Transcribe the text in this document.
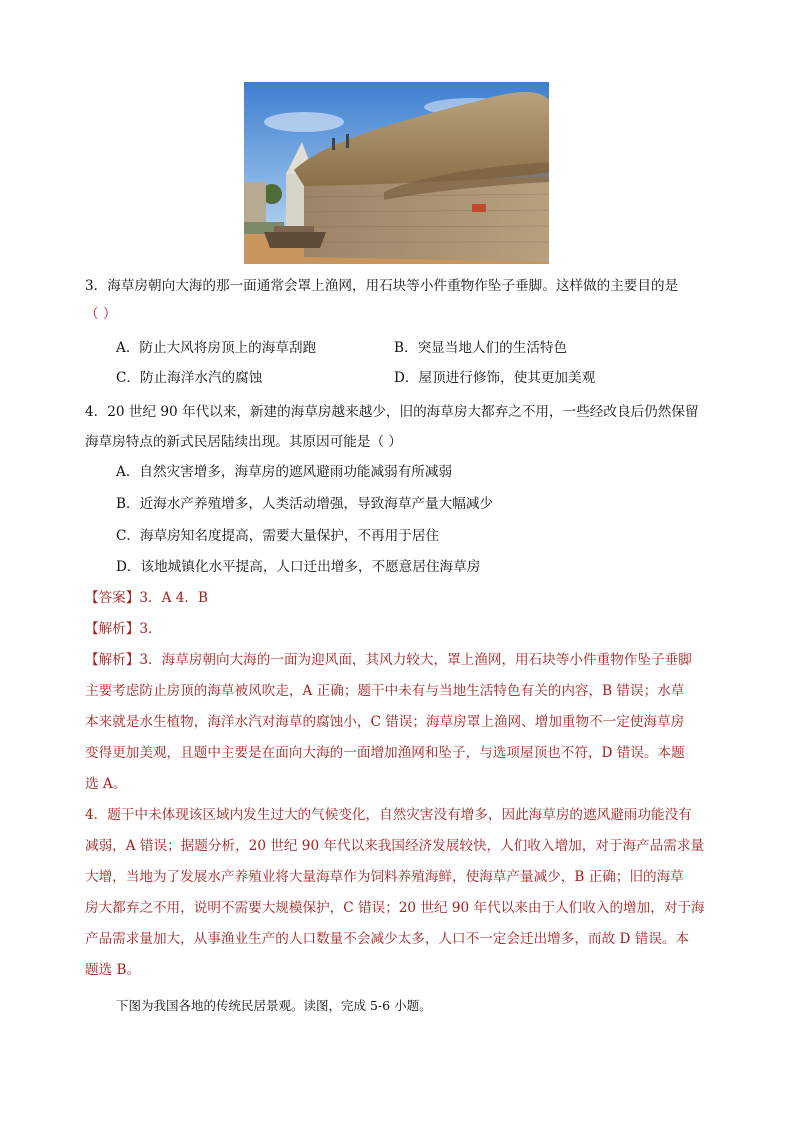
3．海草房朝向大海的那一面通常会罩上渔网，用石块等小件重物作坠子垂脚。这样做的主要目的是
（ ）
A．防止大风将房顶上的海草刮跑	B．突显当地人们的生活特色
C．防止海洋水汽的腐蚀	D．屋顶进行修饰，使其更加美观
4．20 世纪 90 年代以来，新建的海草房越来越少，旧的海草房大都弃之不用，一些经改良后仍然保留
海草房特点的新式民居陆续出现。其原因可能是（ ）
A．自然灾害增多，海草房的遮风避雨功能减弱有所减弱
B．近海水产养殖增多，人类活动增强，导致海草产量大幅减少
C．海草房知名度提高，需要大量保护，不再用于居住
D．该地城镇化水平提高，人口迁出增多，不愿意居住海草房
【答案】3．A 4．B
【解析】3．
【解析】3．海草房朝向大海的一面为迎风面，其风力较大，罩上渔网，用石块等小件重物作坠子垂脚
主要考虑防止房顶的海草被风吹走，A 正确；题干中未有与当地生活特色有关的内容，B 错误；水草
本来就是水生植物，海洋水汽对海草的腐蚀小，C 错误；海草房罩上渔网、增加重物不一定使海草房
变得更加美观，且题中主要是在面向大海的一面增加渔网和坠子，与选项屋顶也不符，D 错误。本题
选 A。
4．题干中未体现该区域内发生过大的气候变化，自然灾害没有增多，因此海草房的遮风避雨功能没有
减弱，A 错误；据题分析，20 世纪 90 年代以来我国经济发展较快，人们收入增加，对于海产品需求量
大增，当地为了发展水产养殖业将大量海草作为饲料养殖海鲜，使海草产量减少，B 正确；旧的海草
房大都弃之不用，说明不需要大规模保护，C 错误；20 世纪 90 年代以来由于人们收入的增加，对于海
产品需求量加大，从事渔业生产的人口数量不会减少太多，人口不一定会迁出增多，而故 D 错误。本
题选 B。
下图为我国各地的传统民居景观。读图，完成 5-6 小题。
